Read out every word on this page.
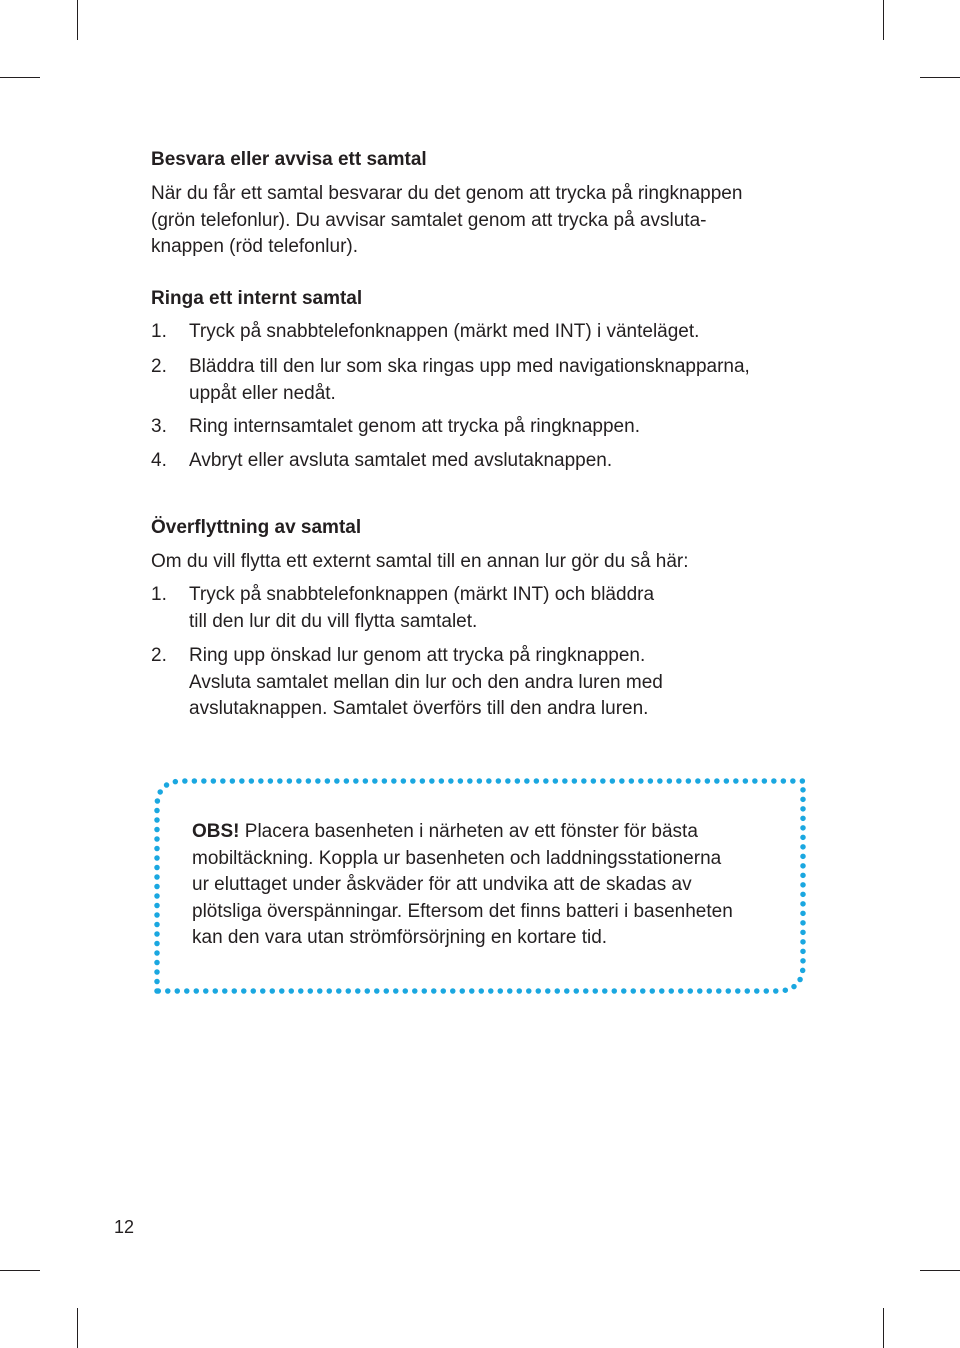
Besvara eller avvisa ett samtal
När du får ett samtal besvarar du det genom att trycka på ringknappen
(grön telefonlur). Du avvisar samtalet genom att trycka på avsluta-
knappen (röd telefonlur).
Ringa ett internt samtal
1.	Tryck på snabbtelefonknappen (märkt med INT) i vänteläget.
2.	Bläddra till den lur som ska ringas upp med navigationsknapparna,
uppåt eller nedåt.
3.	Ring internsamtalet genom att trycka på ringknappen.
4.	Avbryt eller avsluta samtalet med avslutaknappen.
Överflyttning av samtal
Om du vill flytta ett externt samtal till en annan lur gör du så här:
1.	Tryck på snabbtelefonknappen (märkt INT) och bläddra
till den lur dit du vill flytta samtalet.
2.	Ring upp önskad lur genom att trycka på ringknappen.
Avsluta samtalet mellan din lur och den andra luren med
avslutaknappen. Samtalet överförs till den andra luren.
OBS! Placera basenheten i närheten av ett fönster för bästa
mobiltäckning. Koppla ur basenheten och laddningsstationerna
ur eluttaget under åskväder för att undvika att de skadas av
plötsliga överspänningar. Eftersom det finns batteri i basenheten
kan den vara utan strömförsörjning en kortare tid.
12
